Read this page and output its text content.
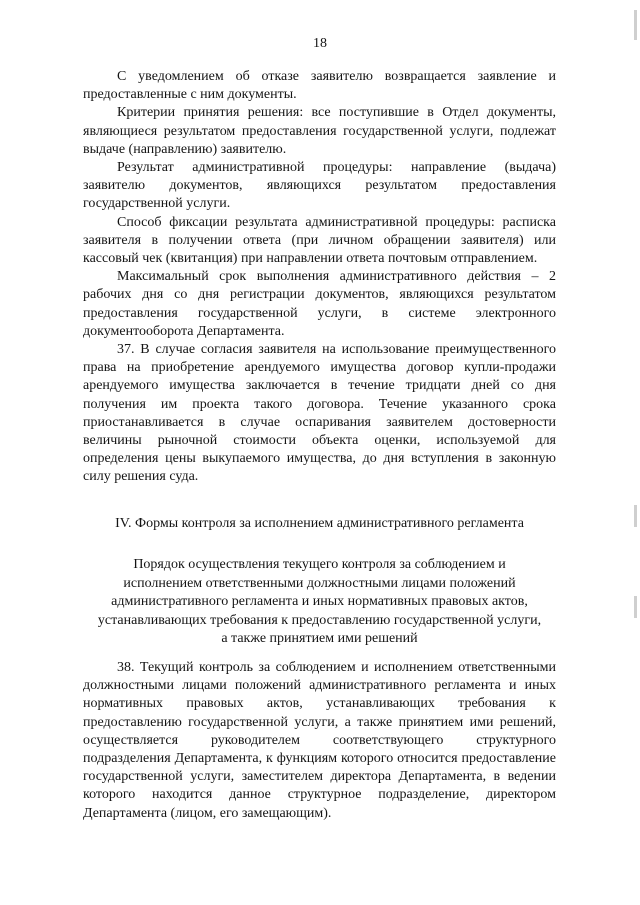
18

С уведомлением об отказе заявителю возвращается заявление и предоставленные с ним документы.

Критерии принятия решения: все поступившие в Отдел документы, являющиеся результатом предоставления государственной услуги, подлежат выдаче (направлению) заявителю.

Результат административной процедуры: направление (выдача) заявителю документов, являющихся результатом предоставления государственной услуги.

Способ фиксации результата административной процедуры: расписка заявителя в получении ответа (при личном обращении заявителя) или кассовый чек (квитанция) при направлении ответа почтовым отправлением.

Максимальный срок выполнения административного действия – 2 рабочих дня со дня регистрации документов, являющихся результатом предоставления государственной услуги, в системе электронного документооборота Департамента.

37. В случае согласия заявителя на использование преимущественного права на приобретение арендуемого имущества договор купли-продажи арендуемого имущества заключается в течение тридцати дней со дня получения им проекта такого договора. Течение указанного срока приостанавливается в случае оспаривания заявителем достоверности величины рыночной стоимости объекта оценки, используемой для определения цены выкупаемого имущества, до дня вступления в законную силу решения суда.

IV. Формы контроля за исполнением административного регламента
Порядок осуществления текущего контроля за соблюдением и
исполнением ответственными должностными лицами положений
административного регламента и иных нормативных правовых актов,
устанавливающих требования к предоставлению государственной услуги,
а также принятием ими решений

38. Текущий контроль за соблюдением и исполнением ответственными должностными лицами положений административного регламента и иных нормативных правовых актов, устанавливающих требования к предоставлению государственной услуги, а также принятием ими решений, осуществляется руководителем соответствующего структурного подразделения Департамента, к функциям которого относится предоставление государственной услуги, заместителем директора Департамента, в ведении которого находится данное структурное подразделение, директором Департамента (лицом, его замещающим).
